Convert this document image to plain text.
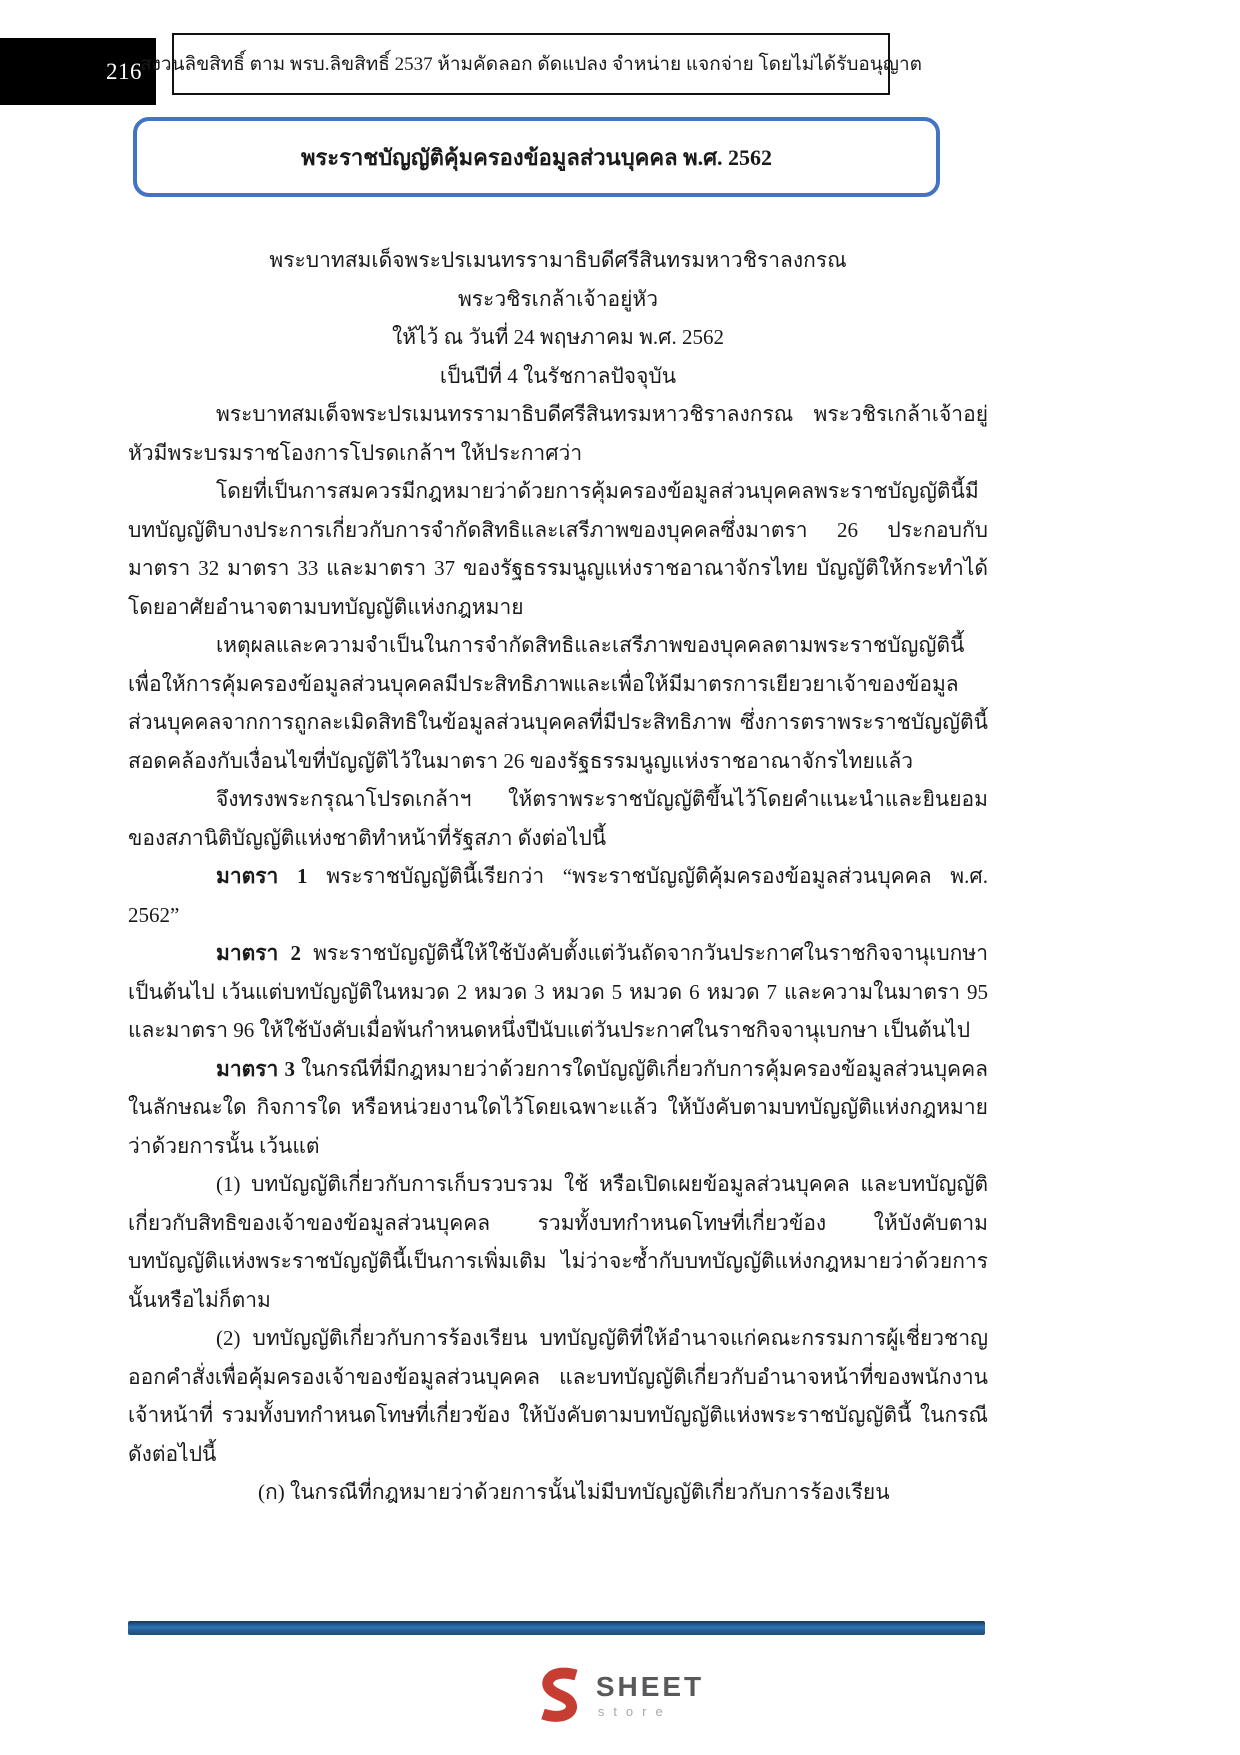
216
สงวนลิขสิทธิ์ ตาม พรบ.ลิขสิทธิ์ 2537 ห้ามคัดลอก ดัดแปลง จำหน่าย แจกจ่าย โดยไม่ได้รับอนุญาต
พระราชบัญญัติคุ้มครองข้อมูลส่วนบุคคล พ.ศ. 2562
พระบาทสมเด็จพระปรเมนทรรามาธิบดีศรีสินทรมหาวชิราลงกรณ
พระวชิรเกล้าเจ้าอยู่หัว
ให้ไว้ ณ วันที่ 24 พฤษภาคม พ.ศ. 2562
เป็นปีที่ 4 ในรัชกาลปัจจุบัน

พระบาทสมเด็จพระปรเมนทรรามาธิบดีศรีสินทรมหาวชิราลงกรณ พระวชิรเกล้าเจ้าอยู่หัวมีพระบรมราชโองการโปรดเกล้าฯ ให้ประกาศว่า

โดยที่เป็นการสมควรมีกฎหมายว่าด้วยการคุ้มครองข้อมูลส่วนบุคคลพระราชบัญญัตินี้มีบทบัญญัติบางประการเกี่ยวกับการจำกัดสิทธิและเสรีภาพของบุคคลซึ่งมาตรา 26 ประกอบกับมาตรา 32 มาตรา 33 และมาตรา 37 ของรัฐธรรมนูญแห่งราชอาณาจักรไทย บัญญัติให้กระทำได้โดยอาศัยอำนาจตามบทบัญญัติแห่งกฎหมาย

เหตุผลและความจำเป็นในการจำกัดสิทธิและเสรีภาพของบุคคลตามพระราชบัญญัตินี้ เพื่อให้การคุ้มครองข้อมูลส่วนบุคคลมีประสิทธิภาพและเพื่อให้มีมาตรการเยียวยาเจ้าของข้อมูลส่วนบุคคลจากการถูกละเมิดสิทธิในข้อมูลส่วนบุคคลที่มีประสิทธิภาพ ซึ่งการตราพระราชบัญญัตินี้สอดคล้องกับเงื่อนไขที่บัญญัติไว้ในมาตรา 26 ของรัฐธรรมนูญแห่งราชอาณาจักรไทยแล้ว

จึงทรงพระกรุณาโปรดเกล้าฯ ให้ตราพระราชบัญญัติขึ้นไว้โดยคำแนะนำและยินยอมของสภานิติบัญญัติแห่งชาติทำหน้าที่รัฐสภา ดังต่อไปนี้

มาตรา 1 พระราชบัญญัตินี้เรียกว่า “พระราชบัญญัติคุ้มครองข้อมูลส่วนบุคคล พ.ศ. 2562”

มาตรา 2 พระราชบัญญัตินี้ให้ใช้บังคับตั้งแต่วันถัดจากวันประกาศในราชกิจจานุเบกษาเป็นต้นไป เว้นแต่บทบัญญัติในหมวด 2 หมวด 3 หมวด 5 หมวด 6 หมวด 7 และความในมาตรา 95 และมาตรา 96 ให้ใช้บังคับเมื่อพ้นกำหนดหนึ่งปีนับแต่วันประกาศในราชกิจจานุเบกษา เป็นต้นไป

มาตรา 3 ในกรณีที่มีกฎหมายว่าด้วยการใดบัญญัติเกี่ยวกับการคุ้มครองข้อมูลส่วนบุคคลในลักษณะใด กิจการใด หรือหน่วยงานใดไว้โดยเฉพาะแล้ว ให้บังคับตามบทบัญญัติแห่งกฎหมายว่าด้วยการนั้น เว้นแต่

(1) บทบัญญัติเกี่ยวกับการเก็บรวบรวม ใช้ หรือเปิดเผยข้อมูลส่วนบุคคล และบทบัญญัติเกี่ยวกับสิทธิของเจ้าของข้อมูลส่วนบุคคล รวมทั้งบทกำหนดโทษที่เกี่ยวข้อง ให้บังคับตามบทบัญญัติแห่งพระราชบัญญัตินี้เป็นการเพิ่มเติม ไม่ว่าจะซ้ำกับบทบัญญัติแห่งกฎหมายว่าด้วยการนั้นหรือไม่ก็ตาม

(2) บทบัญญัติเกี่ยวกับการร้องเรียน บทบัญญัติที่ให้อำนาจแก่คณะกรรมการผู้เชี่ยวชาญออกคำสั่งเพื่อคุ้มครองเจ้าของข้อมูลส่วนบุคคล และบทบัญญัติเกี่ยวกับอำนาจหน้าที่ของพนักงานเจ้าหน้าที่ รวมทั้งบทกำหนดโทษที่เกี่ยวข้อง ให้บังคับตามบทบัญญัติแห่งพระราชบัญญัตินี้ ในกรณีดังต่อไปนี้

(ก) ในกรณีที่กฎหมายว่าด้วยการนั้นไม่มีบทบัญญัติเกี่ยวกับการร้องเรียน

SHEET
store
